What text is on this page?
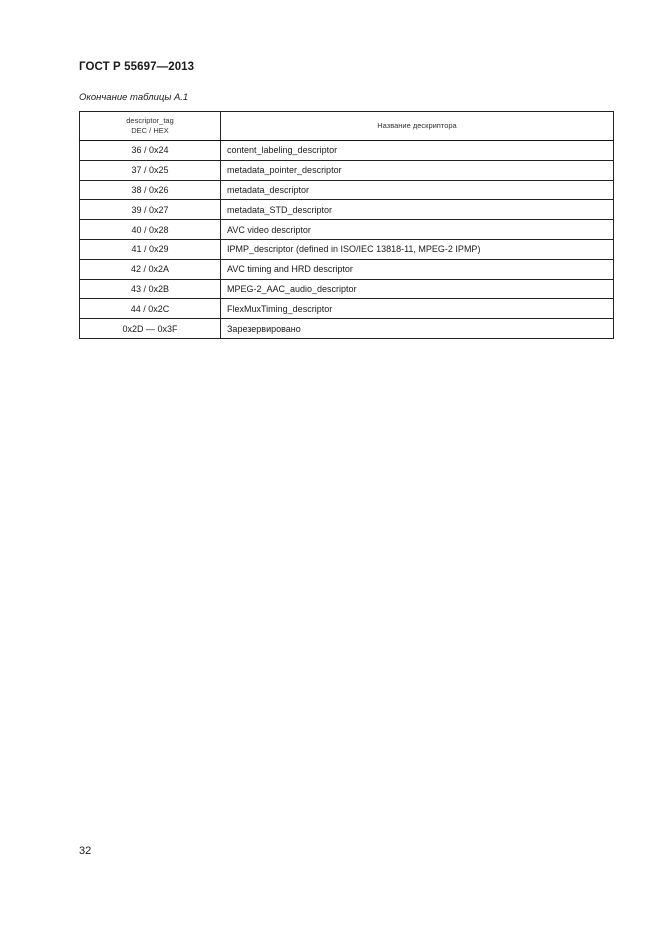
ГОСТ Р 55697—2013
Окончание таблицы А.1
descriptor_tag
DEC / HEX	Название дескриптора
36 / 0x24	content_labeling_descriptor
37 / 0x25	metadata_pointer_descriptor
38 / 0x26	metadata_descriptor
39 / 0x27	metadata_STD_descriptor
40 / 0x28	AVC video descriptor
41 / 0x29	IPMP_descriptor (defined in ISO/IEC 13818-11, MPEG-2 IPMP)
42 / 0x2A	AVC timing and HRD descriptor
43 / 0x2B	MPEG-2_AAC_audio_descriptor
44 / 0x2C	FlexMuxTiming_descriptor
0x2D — 0x3F	Зарезервировано
32
